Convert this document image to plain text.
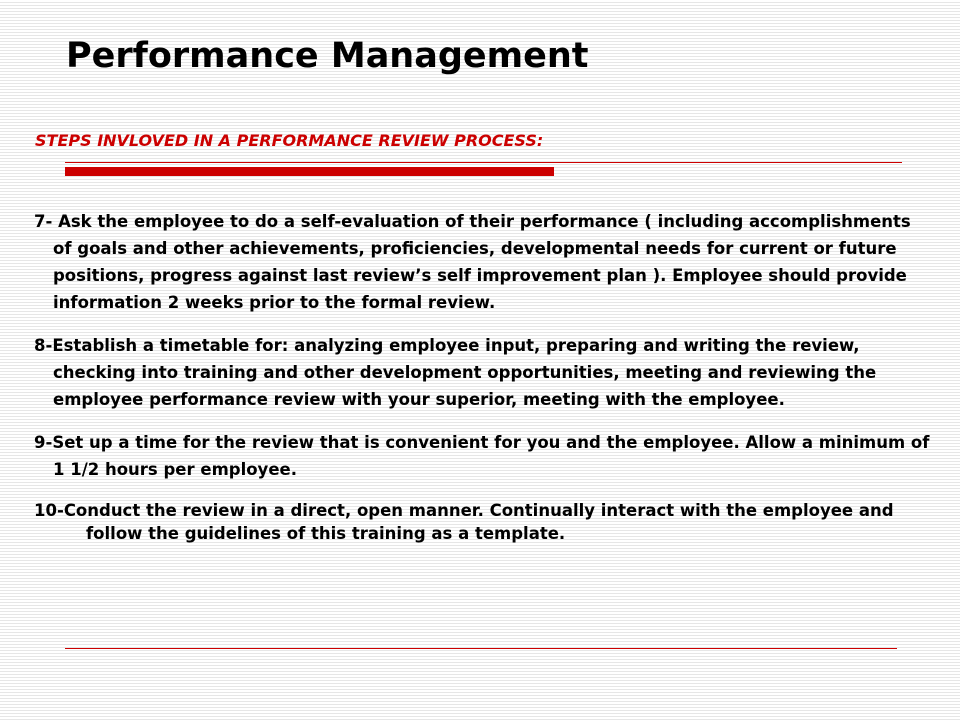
Performance Management
STEPS INVLOVED IN A PERFORMANCE REVIEW PROCESS:
7- Ask the employee to do a self-evaluation of their performance ( including accomplishments of goals and other achievements, proficiencies, developmental needs for current or future positions, progress against last review’s self improvement plan ). Employee should provide information 2 weeks prior to the formal review.
8-Establish a timetable for: analyzing employee input, preparing and writing the review, checking into training and other development opportunities, meeting and reviewing the employee performance review with your superior, meeting with the employee.
9-Set up a time for the review that is convenient for you and the employee. Allow a minimum of 1 1/2 hours per employee.
10-Conduct the review in a direct, open manner. Continually interact with the employee and follow the guidelines of this training as a template.
